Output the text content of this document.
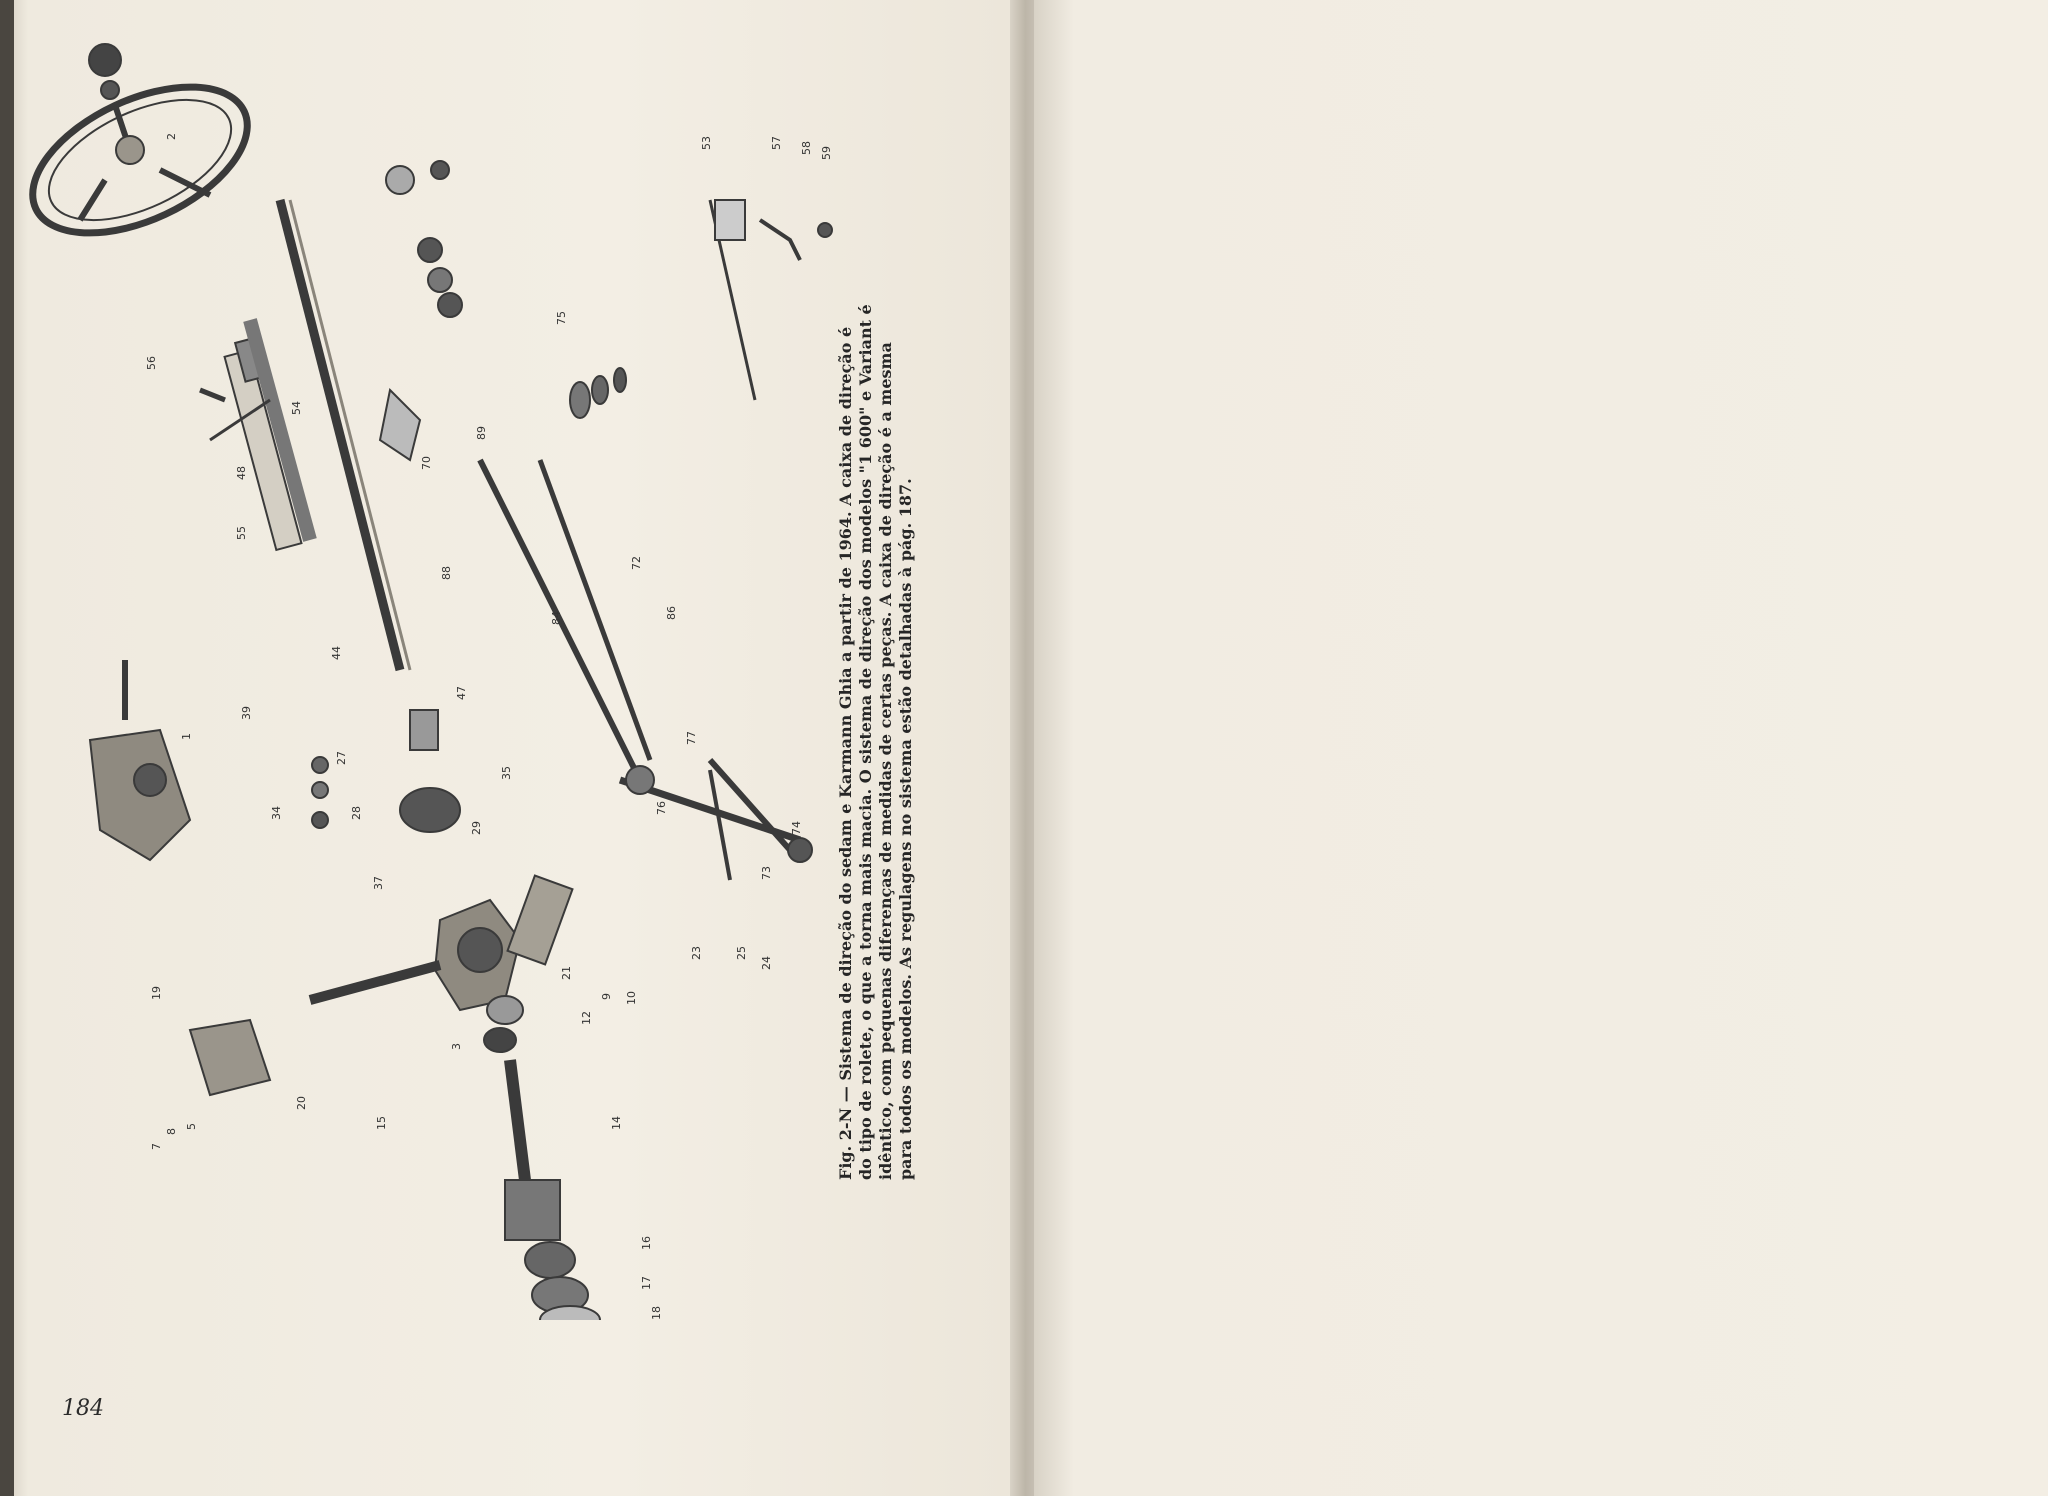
2
1
3
5
7
8
9 10
12
14
15
16
17
18
19
20
21
23
24
25
27
28
29
34
35
37
39
44
47
48
55
54
56
53	57 58 59
70
72
73
74
75
76
77
84	86
88
89
Fig. 2-N — Sistema de direção do sedam e Karmann Ghia a partir de 1964. A caixa de direção é do tipo de rolete, o que a torna mais macia. O sistema de direção dos modelos "1 600" e Variant é idêntico, com pequenas diferenças de medidas de certas peças. A caixa de direção é a mesma para todos os modelos. As regulagens no sistema estão detalhadas à pág. 187.
184
